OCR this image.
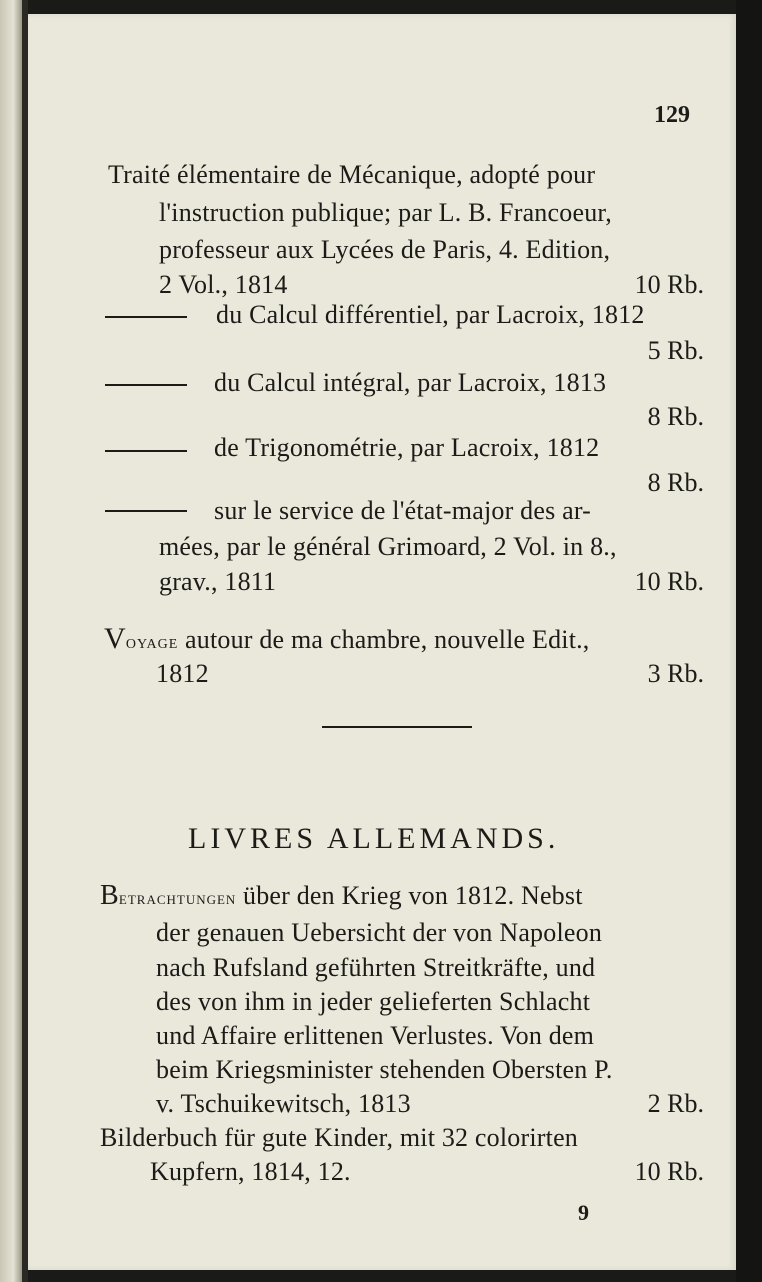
129
Traité élémentaire de Mécanique, adopté pour
l'instruction publique; par L. B. Francoeur,
professeur aux Lycées de Paris, 4. Edition,
2 Vol., 1814	10 Rb.
du Calcul différentiel, par Lacroix, 1812
5 Rb.
du Calcul intégral, par Lacroix, 1813
8 Rb.
de Trigonométrie, par Lacroix, 1812
8 Rb.
sur le service de l'état-major des ar-
mées, par le général Grimoard, 2 Vol. in 8.,
grav., 1811	10 Rb.
Voyage autour de ma chambre, nouvelle Edit.,
1812	3 Rb.
LIVRES ALLEMANDS.
Betrachtungen über den Krieg von 1812. Nebst
der genauen Uebersicht der von Napoleon
nach Rufsland geführten Streitkräfte, und
des von ihm in jeder gelieferten Schlacht
und Affaire erlittenen Verlustes. Von dem
beim Kriegsminister stehenden Obersten P.
v. Tschuikewitsch, 1813	2 Rb.
Bilderbuch für gute Kinder, mit 32 colorirten
Kupfern, 1814, 12.	10 Rb.
9
